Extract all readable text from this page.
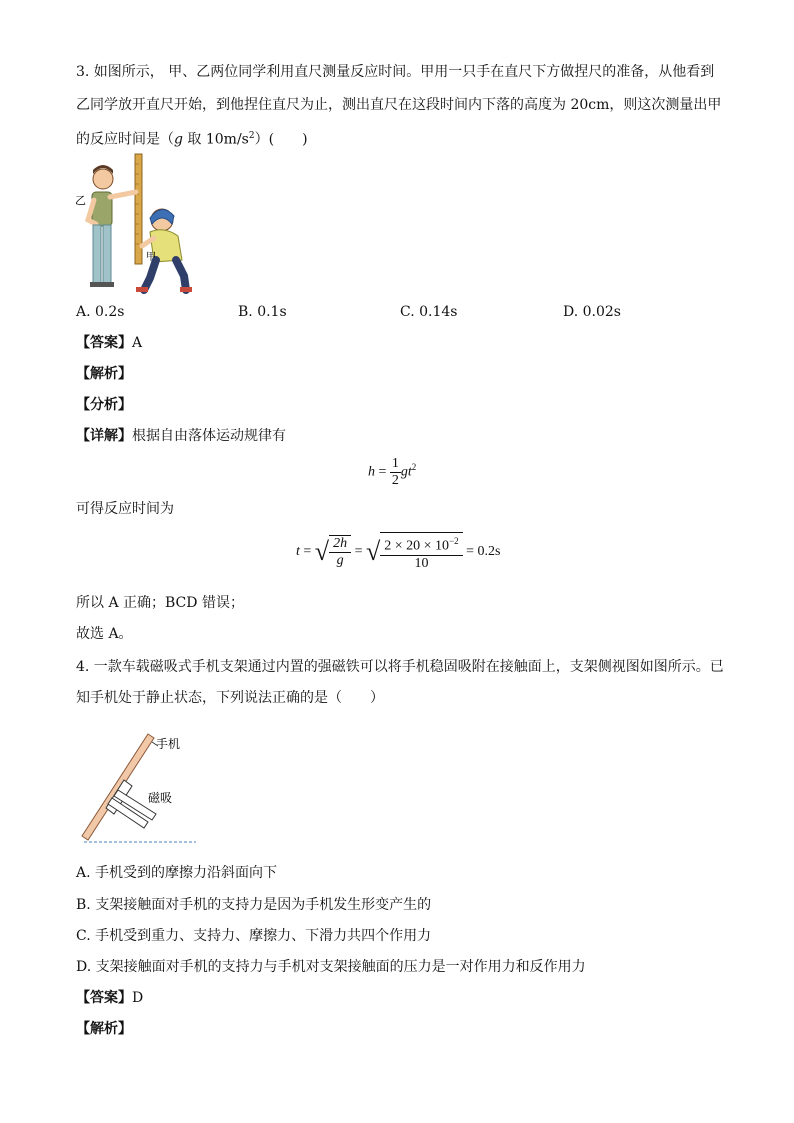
3. 如图所示， 甲、乙两位同学利用直尺测量反应时间。甲用一只手在直尺下方做捏尺的准备，从他看到
乙同学放开直尺开始，到他捏住直尺为止，测出直尺在这段时间内下落的高度为 20cm，则这次测量出甲
的反应时间是（g 取 $10m/s^2$）(　　)
乙
甲
A. 0.2s	B. 0.1s	C. 0.14s	D. 0.02s
【答案】A
【解析】
【分析】
【详解】根据自由落体运动规律有
$h = \frac{1}{2} gt^2$
可得反应时间为
t = √ $\frac{2h}{g}$ = √ $\frac{2 \times 20 \times 10^{-2}}{10} = 0.2s$
所以 A 正确；BCD 错误；
故选 A。
4. 一款车载磁吸式手机支架通过内置的强磁铁可以将手机稳固吸附在接触面上，支架侧视图如图所示。已
知手机处于静止状态，下列说法正确的是（　　）
手机
磁吸
A. 手机受到的摩擦力沿斜面向下
B. 支架接触面对手机的支持力是因为手机发生形变产生的
C. 手机受到重力、支持力、摩擦力、下滑力共四个作用力
D. 支架接触面对手机的支持力与手机对支架接触面的压力是一对作用力和反作用力
【答案】D
【解析】
